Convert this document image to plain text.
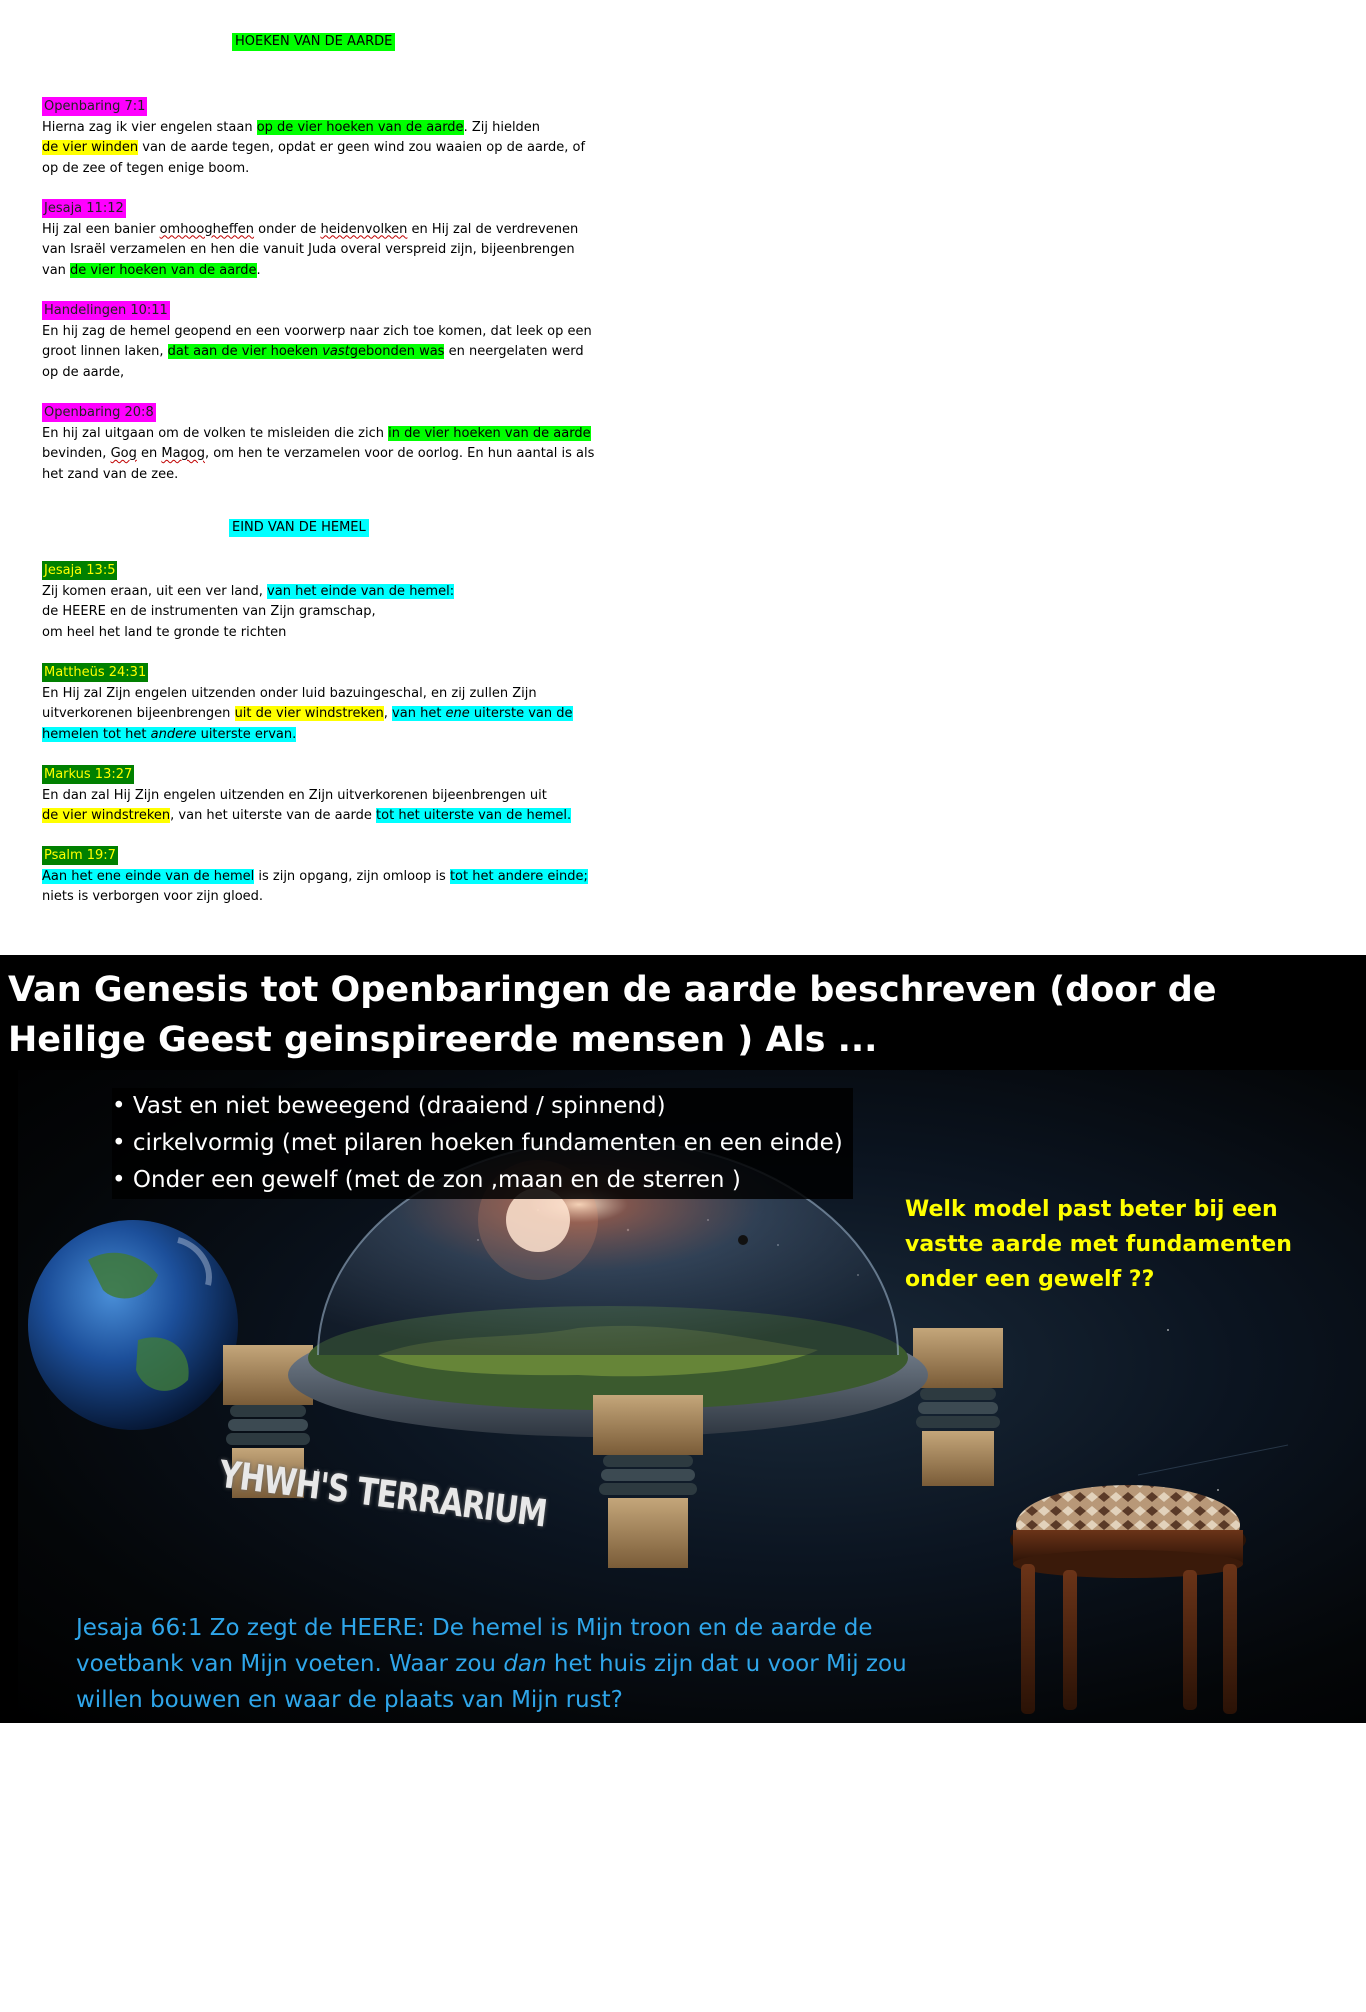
HOEKEN VAN DE AARDE

Openbaring 7:1

Hierna zag ik vier engelen staan op de vier hoeken van de aarde. Zij hielden

de vier winden van de aarde tegen, opdat er geen wind zou waaien op de aarde, of

op de zee of tegen enige boom.

Jesaja 11:12

Hij zal een banier omhoogheffen onder de heidenvolken en Hij zal de verdrevenen

van Israël verzamelen en hen die vanuit Juda overal verspreid zijn, bijeenbrengen

van de vier hoeken van de aarde.

Handelingen 10:11

En hij zag de hemel geopend en een voorwerp naar zich toe komen, dat leek op een

groot linnen laken, dat aan de vier hoeken vastgebonden was en neergelaten werd

op de aarde,

Openbaring 20:8

En hij zal uitgaan om de volken te misleiden die zich in de vier hoeken van de aarde

bevinden, Gog en Magog, om hen te verzamelen voor de oorlog. En hun aantal is als

het zand van de zee.

EIND VAN DE HEMEL

Jesaja 13:5

Zij komen eraan, uit een ver land, van het einde van de hemel:

de HEERE en de instrumenten van Zijn gramschap,

om heel het land te gronde te richten

Mattheüs 24:31

En Hij zal Zijn engelen uitzenden onder luid bazuingeschal, en zij zullen Zijn

uitverkorenen bijeenbrengen uit de vier windstreken, van het ene uiterste van de

hemelen tot het andere uiterste ervan.

Markus 13:27

En dan zal Hij Zijn engelen uitzenden en Zijn uitverkorenen bijeenbrengen uit

de vier windstreken, van het uiterste van de aarde tot het uiterste van de hemel.

Psalm 19:7

Aan het ene einde van de hemel is zijn opgang, zijn omloop is tot het andere einde;

niets is verborgen voor zijn gloed.

Van Genesis tot Openbaringen de aarde beschreven (door de Heilige Geest geinspireerde mensen ) Als ...

• Vast en niet beweegend (draaiend / spinnend)
• cirkelvormig (met pilaren hoeken fundamenten en een einde)
• Onder een gewelf (met de zon ,maan en de sterren )
YHWH'S TERRARIUM

Welk model past beter bij een vastte aarde met fundamenten onder een gewelf ??

Jesaja 66:1 Zo zegt de HEERE: De hemel is Mijn troon en de aarde de voetbank van Mijn voeten. Waar zou dan het huis zijn dat u voor Mij zou willen bouwen en waar de plaats van Mijn rust?
